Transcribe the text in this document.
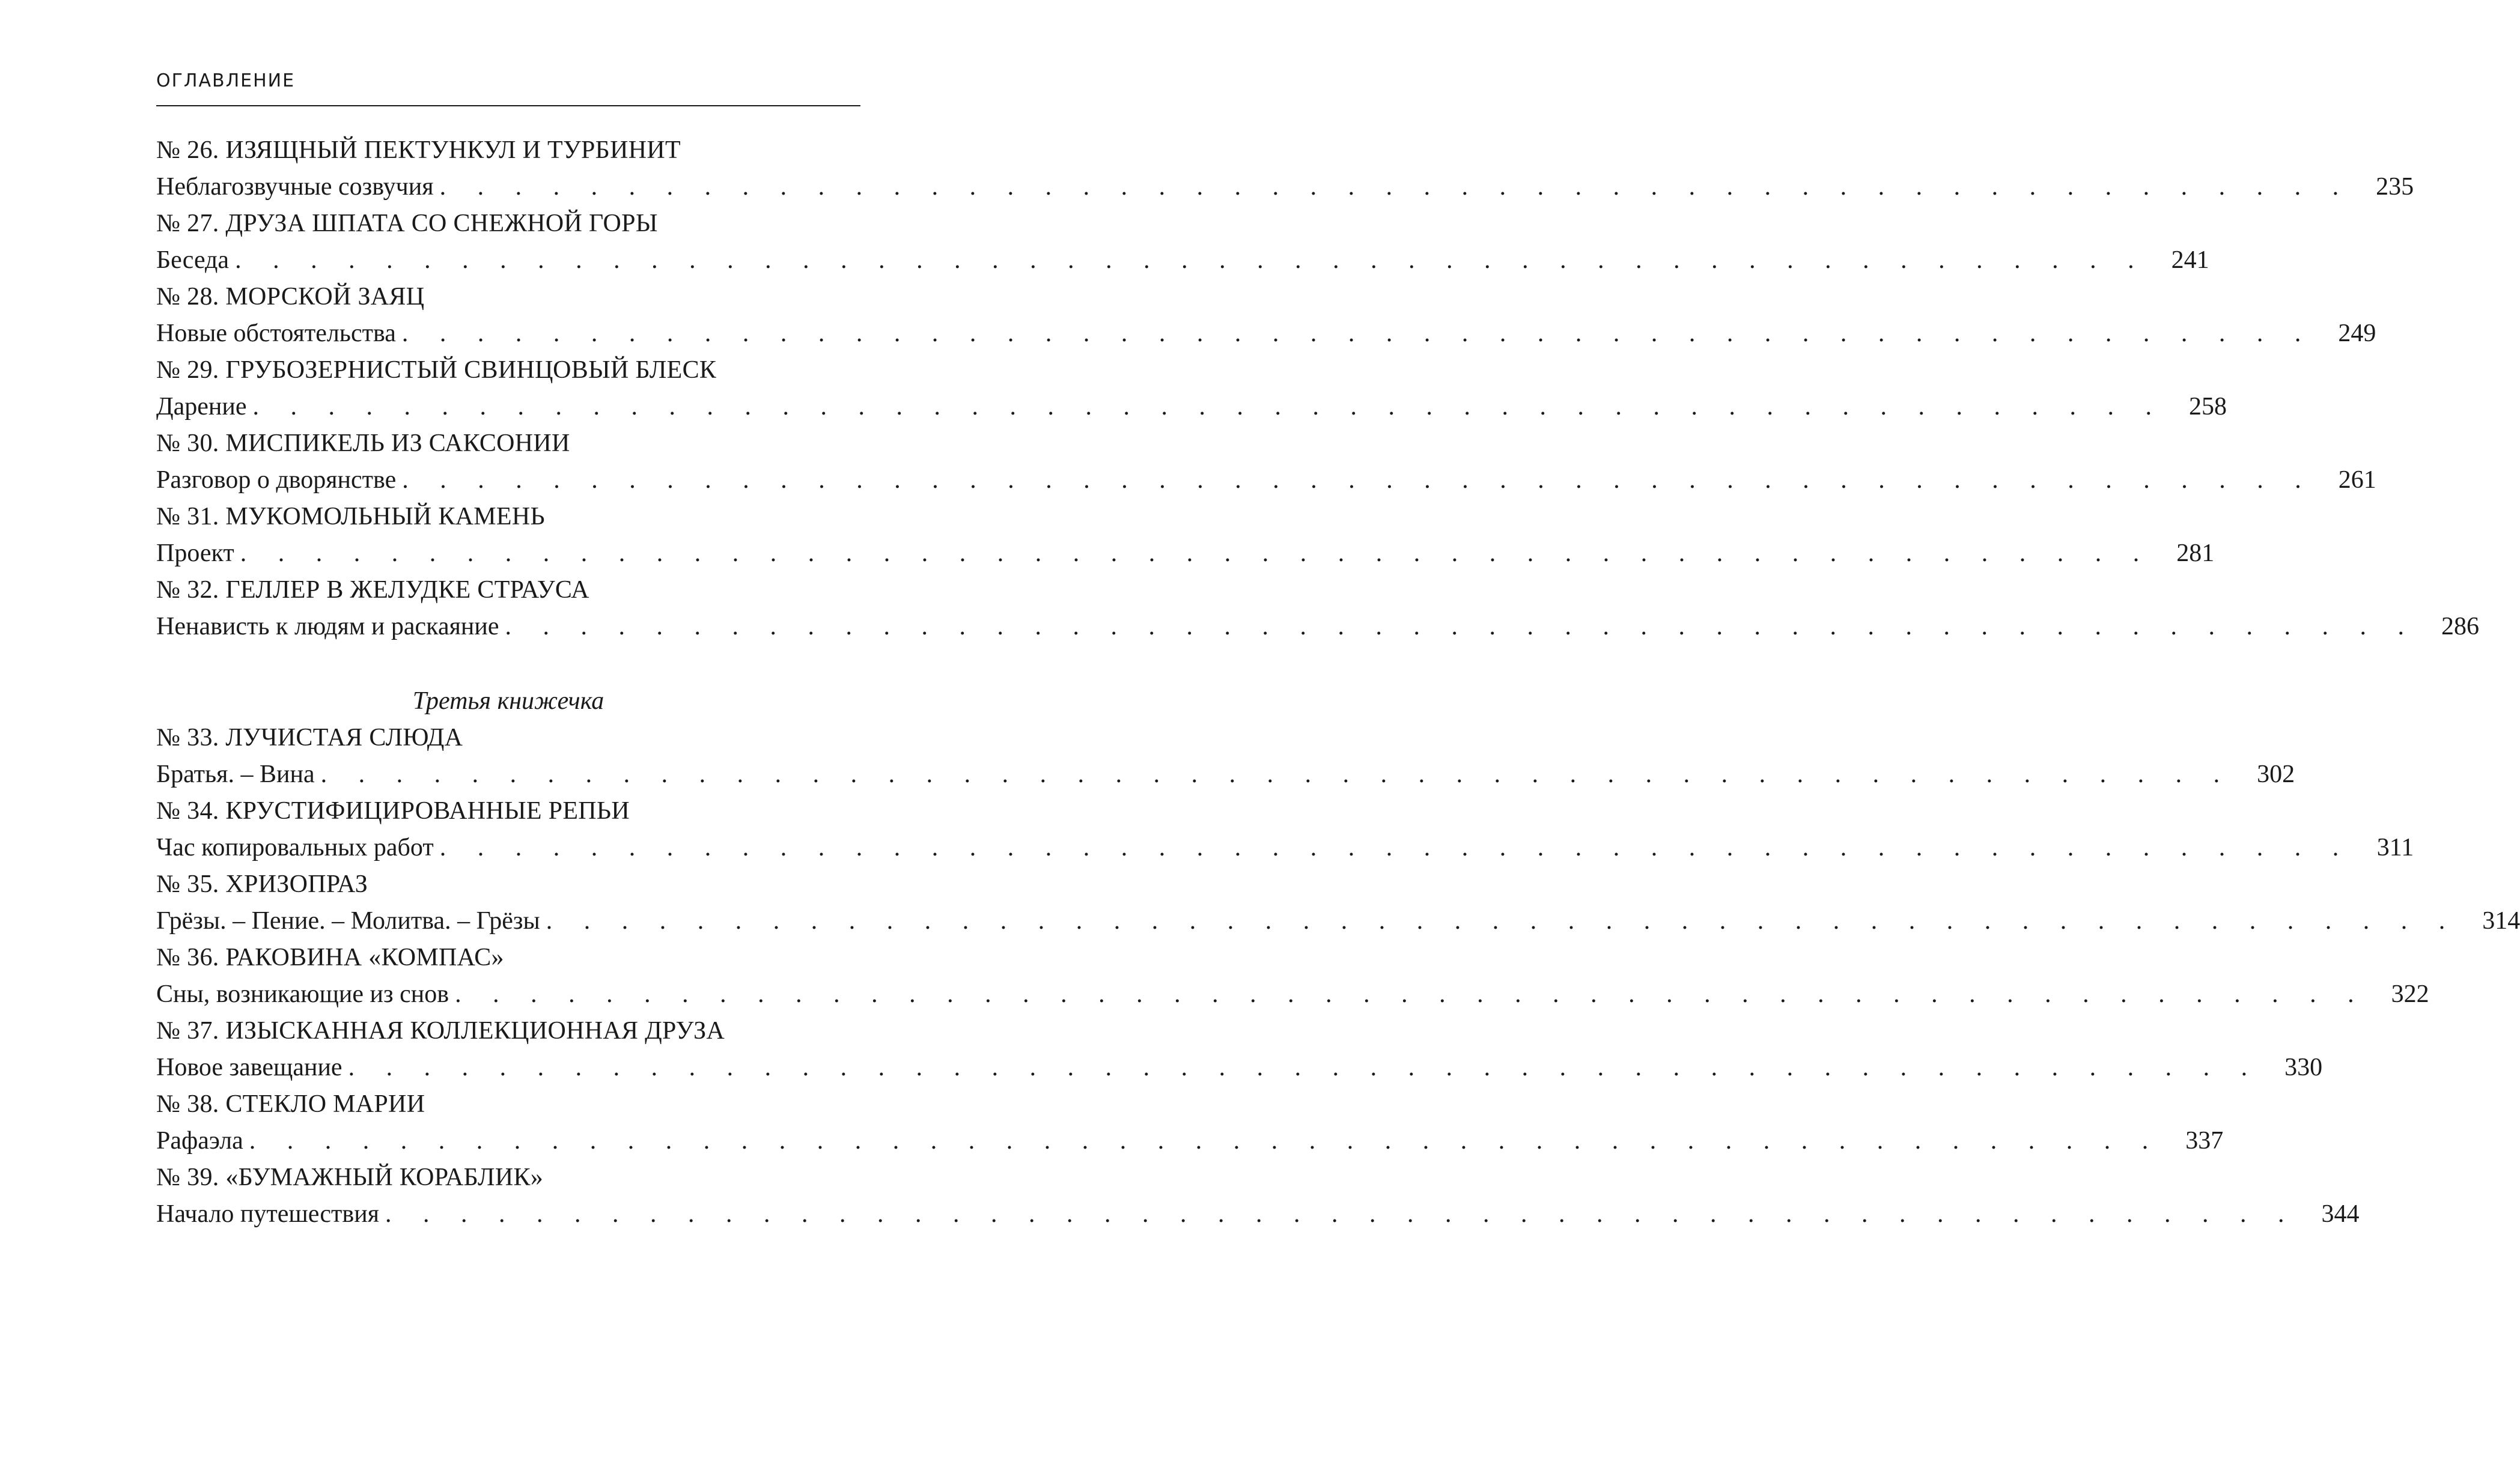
ОГЛАВЛЕНИЕ
№ 26. ИЗЯЩНЫЙ ПЕКТУНКУЛ И ТУРБИНИТ
Неблагозвучные созвучия . . . . . . . . . . . . . . . . . . . . . . . . . . . . . . . . . . . . . . . . . . . . . . . . . . . 235
№ 27. ДРУЗА ШПАТА СО СНЕЖНОЙ ГОРЫ
Беседа . . . . . . . . . . . . . . . . . . . . . . . . . . . . . . . . . . . . . . . . . . . . . . . . . . . 241
№ 28. МОРСКОЙ ЗАЯЦ
Новые обстоятельства . . . . . . . . . . . . . . . . . . . . . . . . . . . . . . . . . . . . . . . . . . . . . . . . . . . 249
№ 29. ГРУБОЗЕРНИСТЫЙ СВИНЦОВЫЙ БЛЕСК
Дарение . . . . . . . . . . . . . . . . . . . . . . . . . . . . . . . . . . . . . . . . . . . . . . . . . . . 258
№ 30. МИСПИКЕЛЬ ИЗ САКСОНИИ
Разговор о дворянстве . . . . . . . . . . . . . . . . . . . . . . . . . . . . . . . . . . . . . . . . . . . . . . . . . . . 261
№ 31. МУКОМОЛЬНЫЙ КАМЕНЬ
Проект . . . . . . . . . . . . . . . . . . . . . . . . . . . . . . . . . . . . . . . . . . . . . . . . . . . 281
№ 32. ГЕЛЛЕР В ЖЕЛУДКЕ СТРАУСА
Ненависть к людям и раскаяние . . . . . . . . . . . . . . . . . . . . . . . . . . . . . . . . . . . . . . . . . . . . . . . . . . . 286
Третья книжечка
№ 33. ЛУЧИСТАЯ СЛЮДА
Братья. – Вина . . . . . . . . . . . . . . . . . . . . . . . . . . . . . . . . . . . . . . . . . . . . . . . . . . . 302
№ 34. КРУСТИФИЦИРОВАННЫЕ РЕПЬИ
Час копировальных работ . . . . . . . . . . . . . . . . . . . . . . . . . . . . . . . . . . . . . . . . . . . . . . . . . . .	311
№ 35. ХРИЗОПРАЗ
Грёзы. – Пение. – Молитва. – Грёзы . . . . . . . . . . . . . . . . . . . . . . . . . . . . . . . . . . . . . . . . . . . . . . . . . . . 314
№ 36. РАКОВИНА «КОМПАС»
Сны, возникающие из снов . . . . . . . . . . . . . . . . . . . . . . . . . . . . . . . . . . . . . . . . . . . . . . . . . . . 322
№ 37. ИЗЫСКАННАЯ КОЛЛЕКЦИОННАЯ ДРУЗА
Новое завещание . . . . . . . . . . . . . . . . . . . . . . . . . . . . . . . . . . . . . . . . . . . . . . . . . . . 330
№ 38. СТЕКЛО МАРИИ
Рафаэла . . . . . . . . . . . . . . . . . . . . . . . . . . . . . . . . . . . . . . . . . . . . . . . . . . . 337
№ 39. «БУМАЖНЫЙ КОРАБЛИК»
Начало путешествия . . . . . . . . . . . . . . . . . . . . . . . . . . . . . . . . . . . . . . . . . . . . . . . . . . . 344
